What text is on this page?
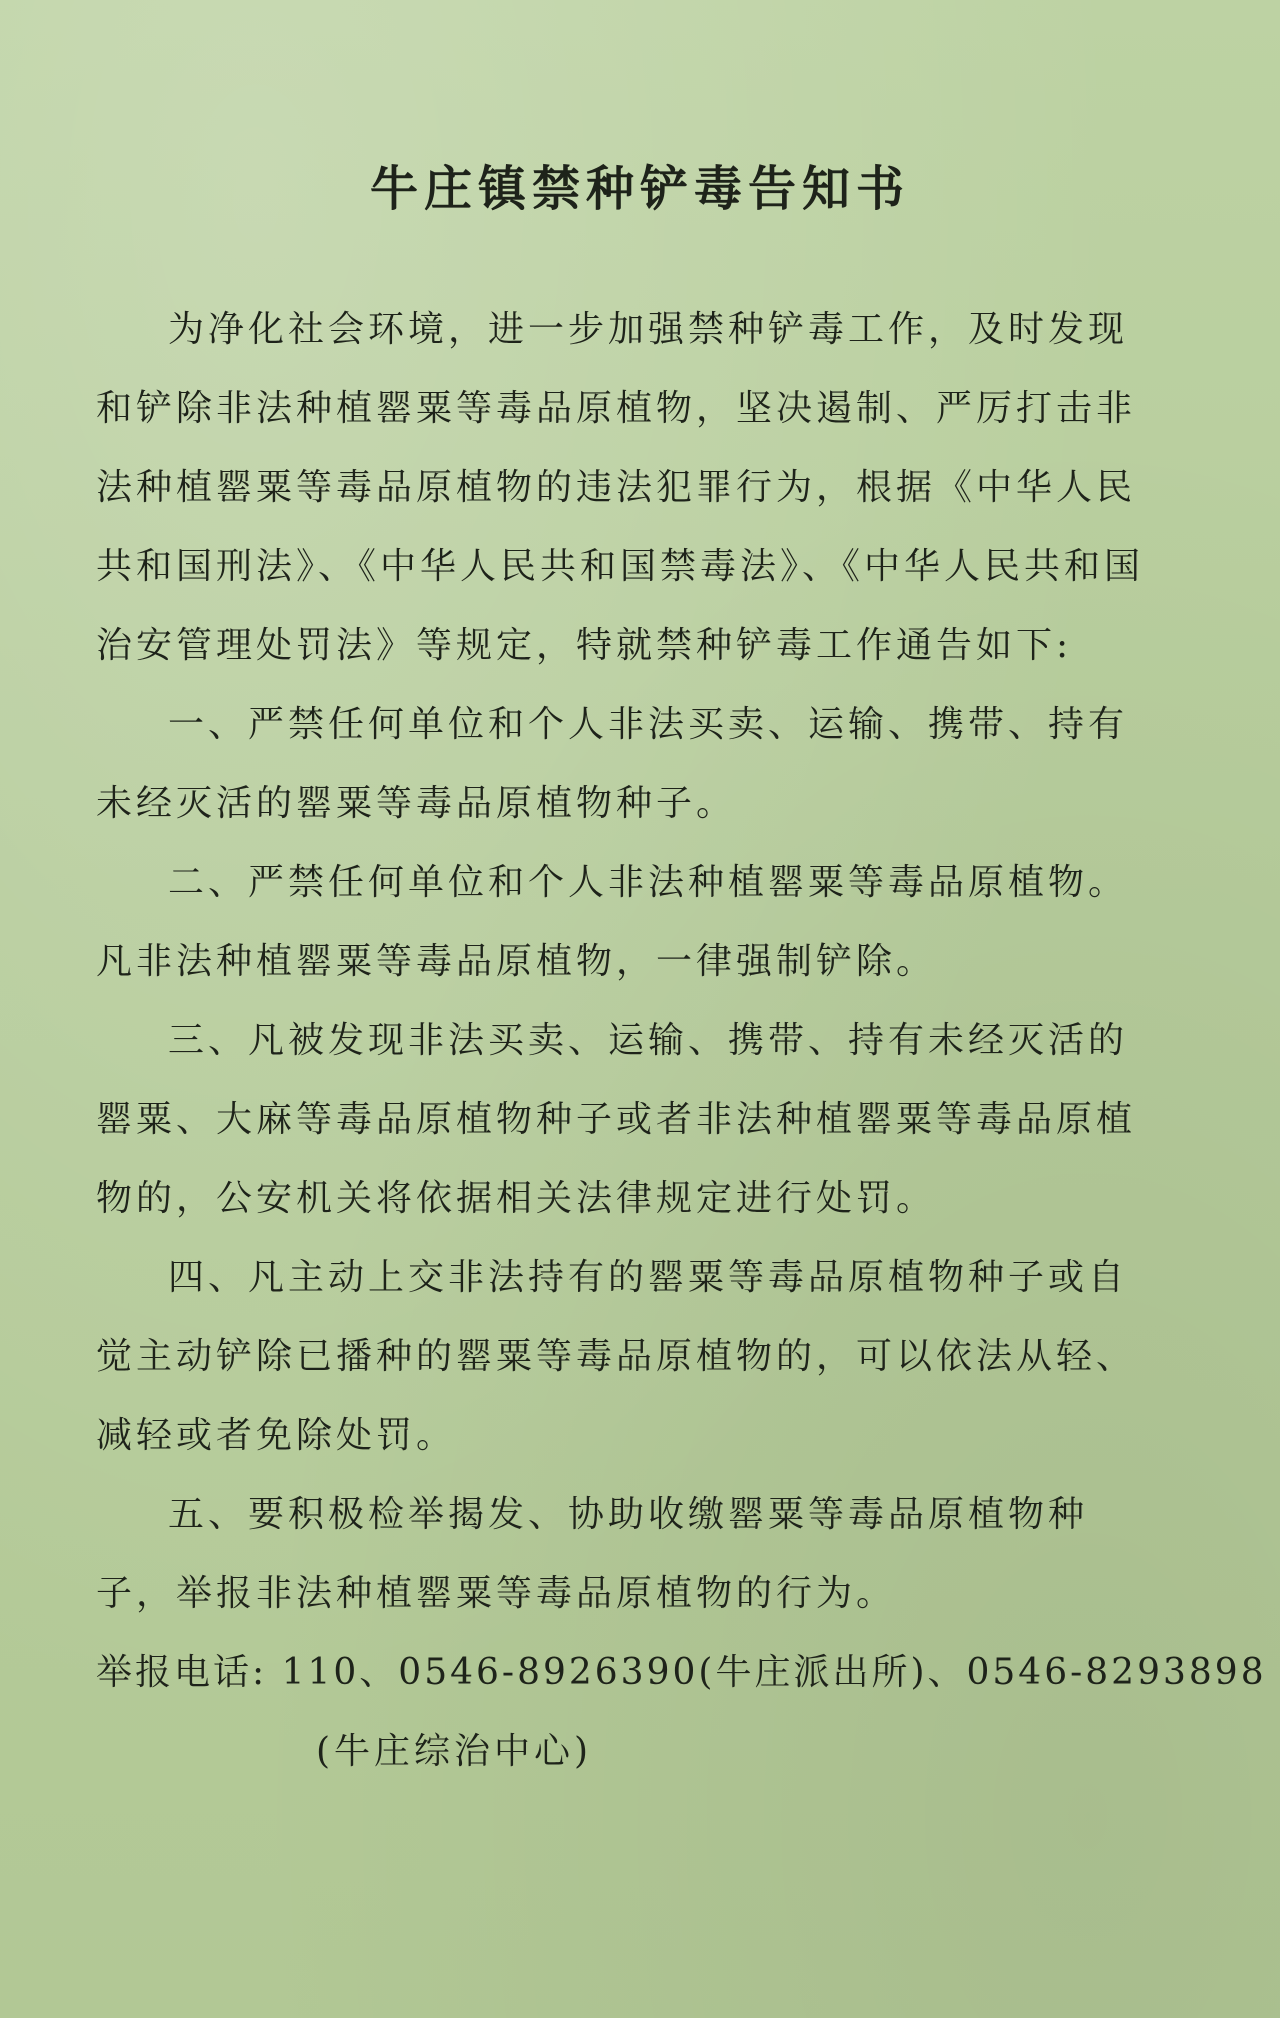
牛庄镇禁种铲毒告知书

为净化社会环境，进一步加强禁种铲毒工作，及时发现和铲除非法种植罂粟等毒品原植物，坚决遏制、严厉打击非法种植罂粟等毒品原植物的违法犯罪行为，根据《中华人民共和国刑法》、《中华人民共和国禁毒法》、《中华人民共和国治安管理处罚法》等规定，特就禁种铲毒工作通告如下:

一、严禁任何单位和个人非法买卖、运输、携带、持有未经灭活的罂粟等毒品原植物种子。

二、严禁任何单位和个人非法种植罂粟等毒品原植物。凡非法种植罂粟等毒品原植物，一律强制铲除。

三、凡被发现非法买卖、运输、携带、持有未经灭活的罂粟、大麻等毒品原植物种子或者非法种植罂粟等毒品原植物的，公安机关将依据相关法律规定进行处罚。

四、凡主动上交非法持有的罂粟等毒品原植物种子或自觉主动铲除已播种的罂粟等毒品原植物的，可以依法从轻、减轻或者免除处罚。

五、要积极检举揭发、协助收缴罂粟等毒品原植物种子，举报非法种植罂粟等毒品原植物的行为。

举报电话: 110、0546-8926390(牛庄派出所)、0546-8293898

(牛庄综治中心)
